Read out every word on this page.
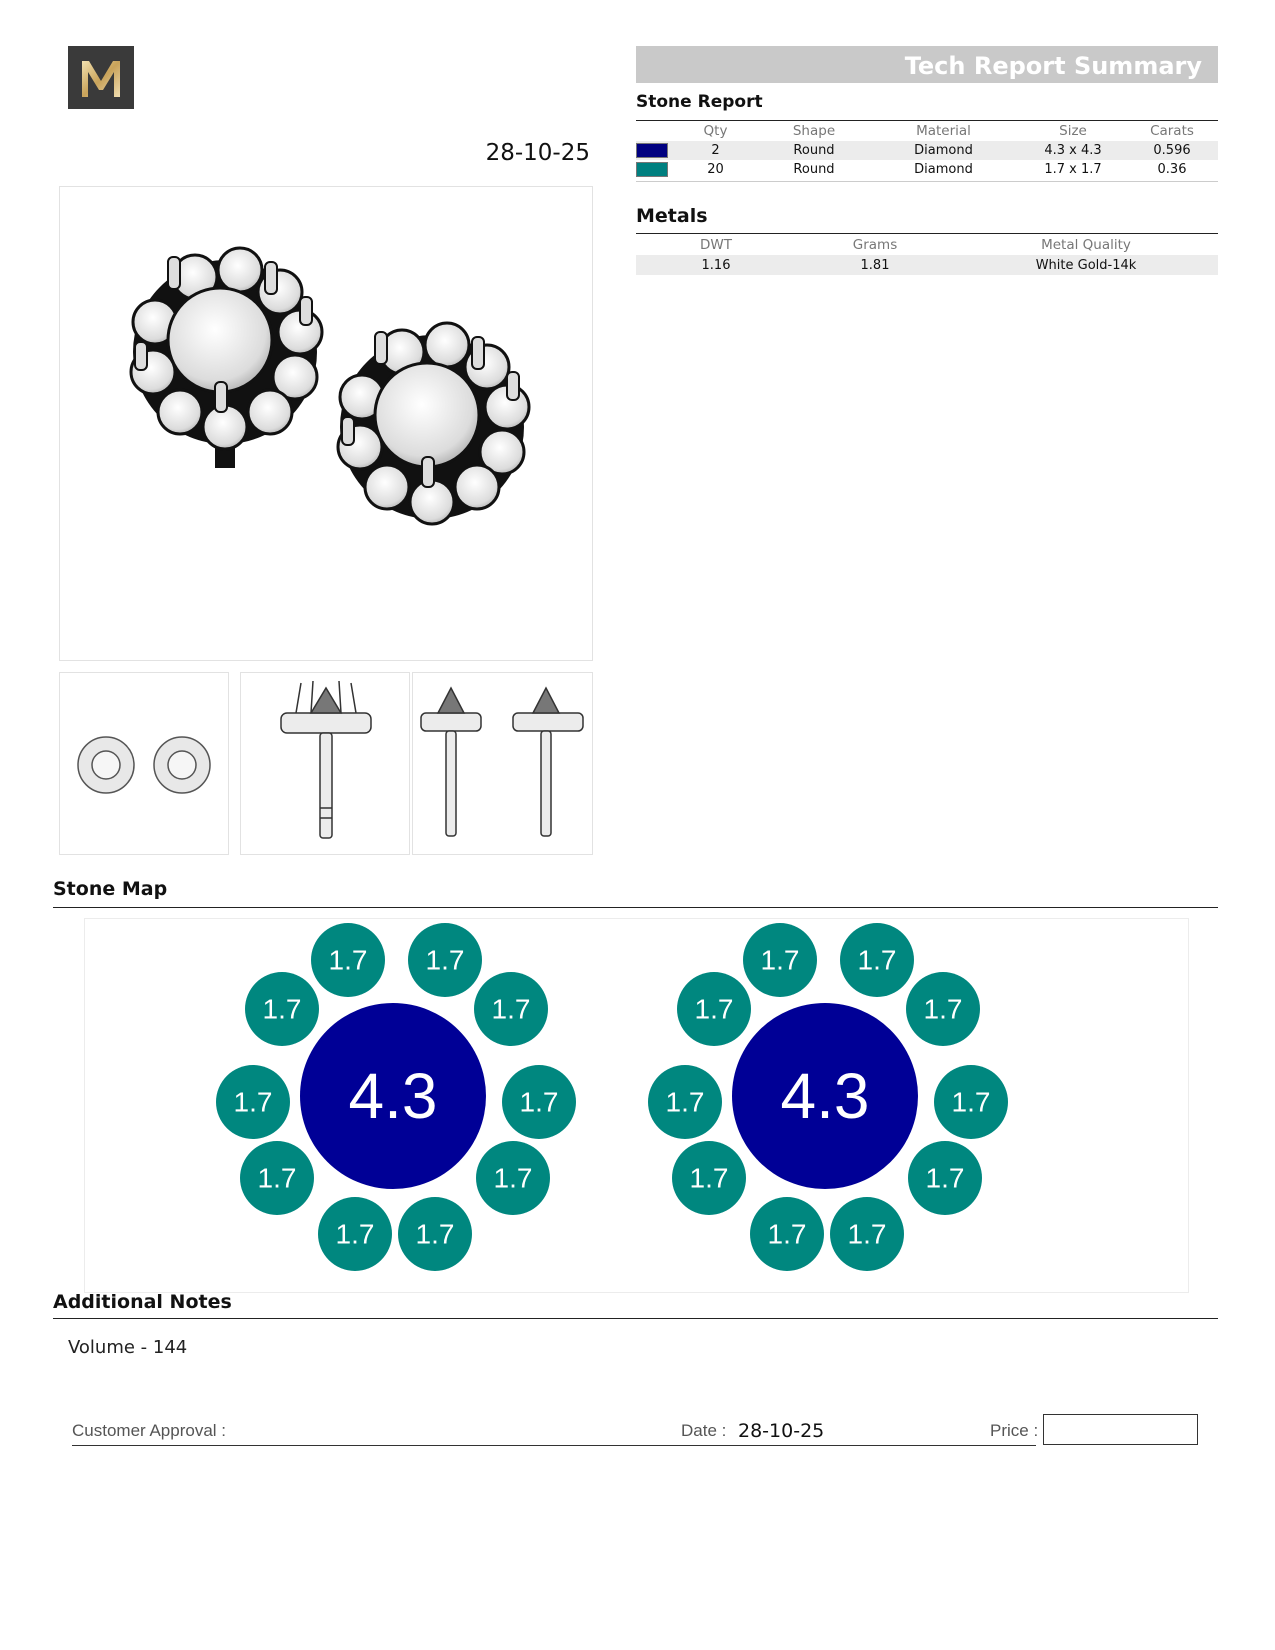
28-10-25
Tech Report Summary
Stone Report
Qty	Shape	Material	Size	Carats
2	Round	Diamond	4.3 x 4.3	0.596
20	Round	Diamond	1.7 x 1.7	0.36
Metals
DWT	Grams	Metal Quality
1.16	1.81	White Gold-14k
Stone Map
4.3
1.7 1.7
1.7
1.7
1.7
1.7
1.7
1.7
1.7
1.7
4.3
1.7 1.7
1.7
1.7
1.7
1.7
1.7
1.7
1.7
1.7
Additional Notes
Volume - 144
Customer Approval :	Date : 28-10-25	Price :
